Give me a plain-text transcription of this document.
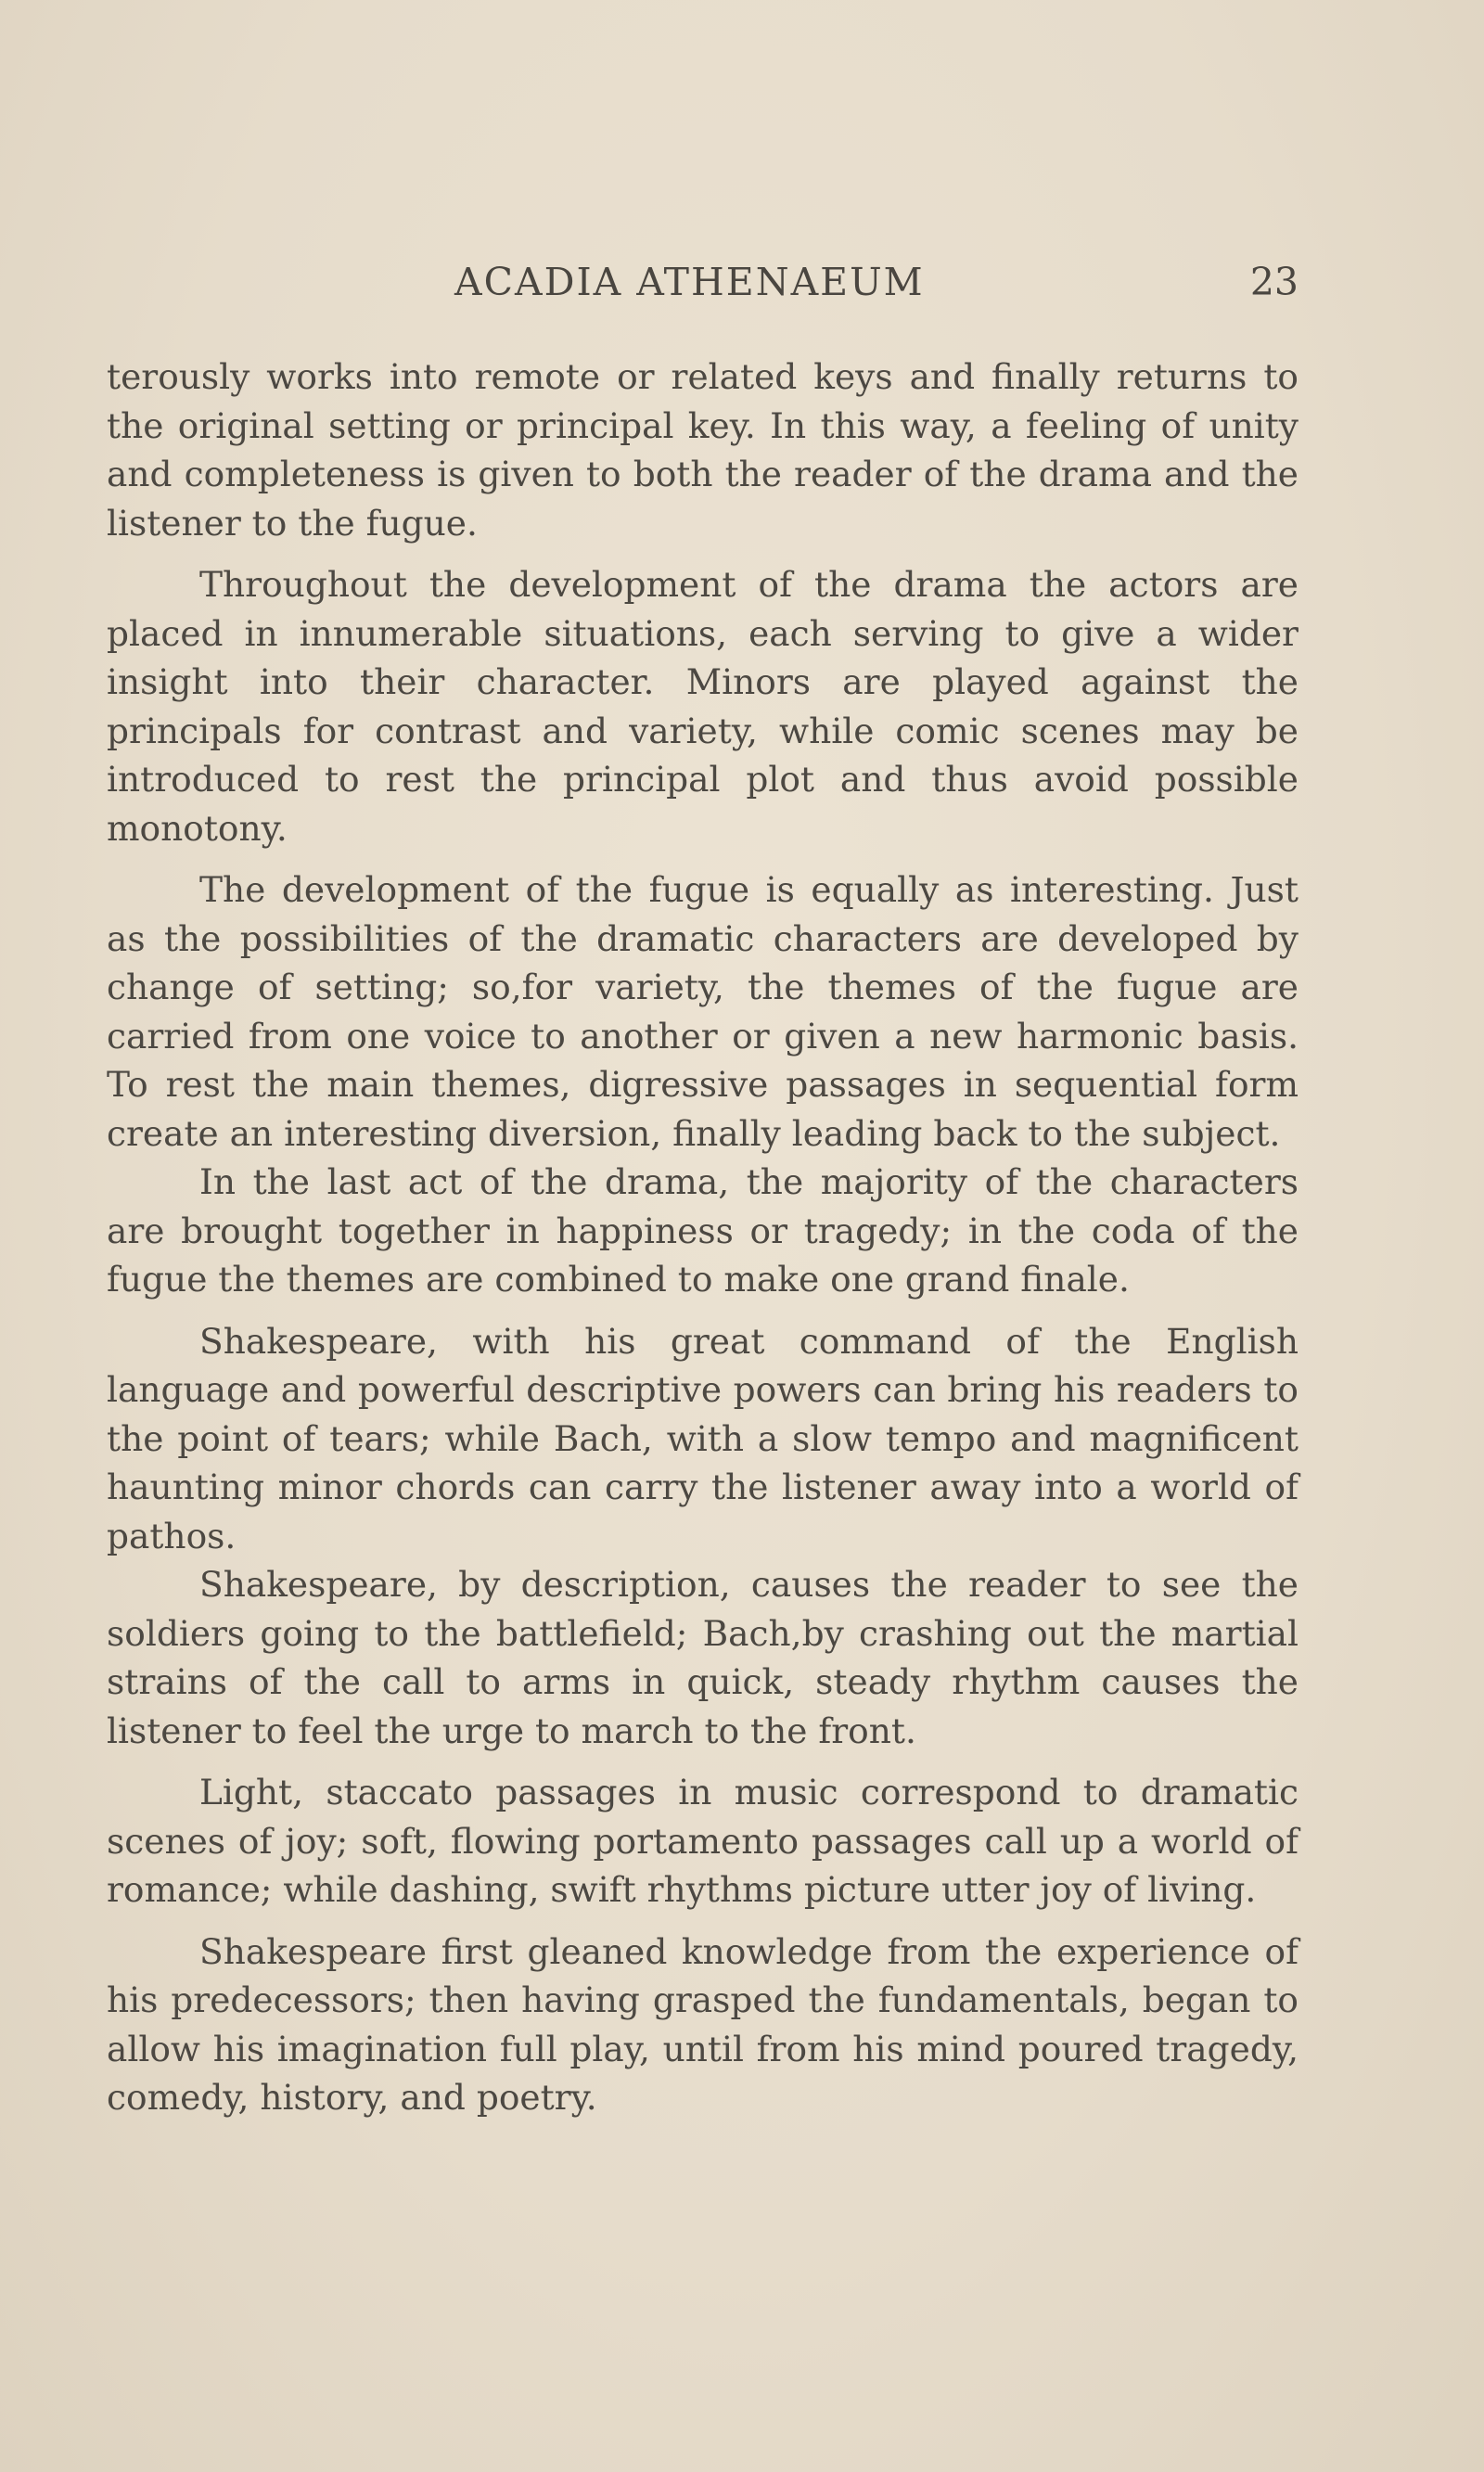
ACADIA ATHENAEUM	23

terously works into remote or related keys and finally returns to the original setting or principal key. In this way, a feeling of unity and completeness is given to both the reader of the drama and the listener to the fugue.

Throughout the development of the drama the actors are placed in innumerable situations, each serving to give a wider insight into their character. Minors are played against the principals for contrast and variety, while comic scenes may be introduced to rest the principal plot and thus avoid possible monotony.

The development of the fugue is equally as interesting. Just as the possibilities of the dramatic characters are developed by change of setting; so,for variety, the themes of the fugue are carried from one voice to another or given a new harmonic basis. To rest the main themes, digressive passages in sequential form create an interesting diversion, finally leading back to the subject.

In the last act of the drama, the majority of the characters are brought together in happiness or tragedy; in the coda of the fugue the themes are combined to make one grand finale.

Shakespeare, with his great command of the English language and powerful descriptive powers can bring his readers to the point of tears; while Bach, with a slow tempo and magnificent haunting minor chords can carry the listener away into a world of pathos.

Shakespeare, by description, causes the reader to see the soldiers going to the battlefield; Bach,by crashing out the martial strains of the call to arms in quick, steady rhythm causes the listener to feel the urge to march to the front.

Light, staccato passages in music correspond to dramatic scenes of joy; soft, flowing portamento passages call up a world of romance; while dashing, swift rhythms picture utter joy of living.

Shakespeare first gleaned knowledge from the experience of his predecessors; then having grasped the fundamentals, began to allow his imagination full play, until from his mind poured tragedy, comedy, history, and poetry.
